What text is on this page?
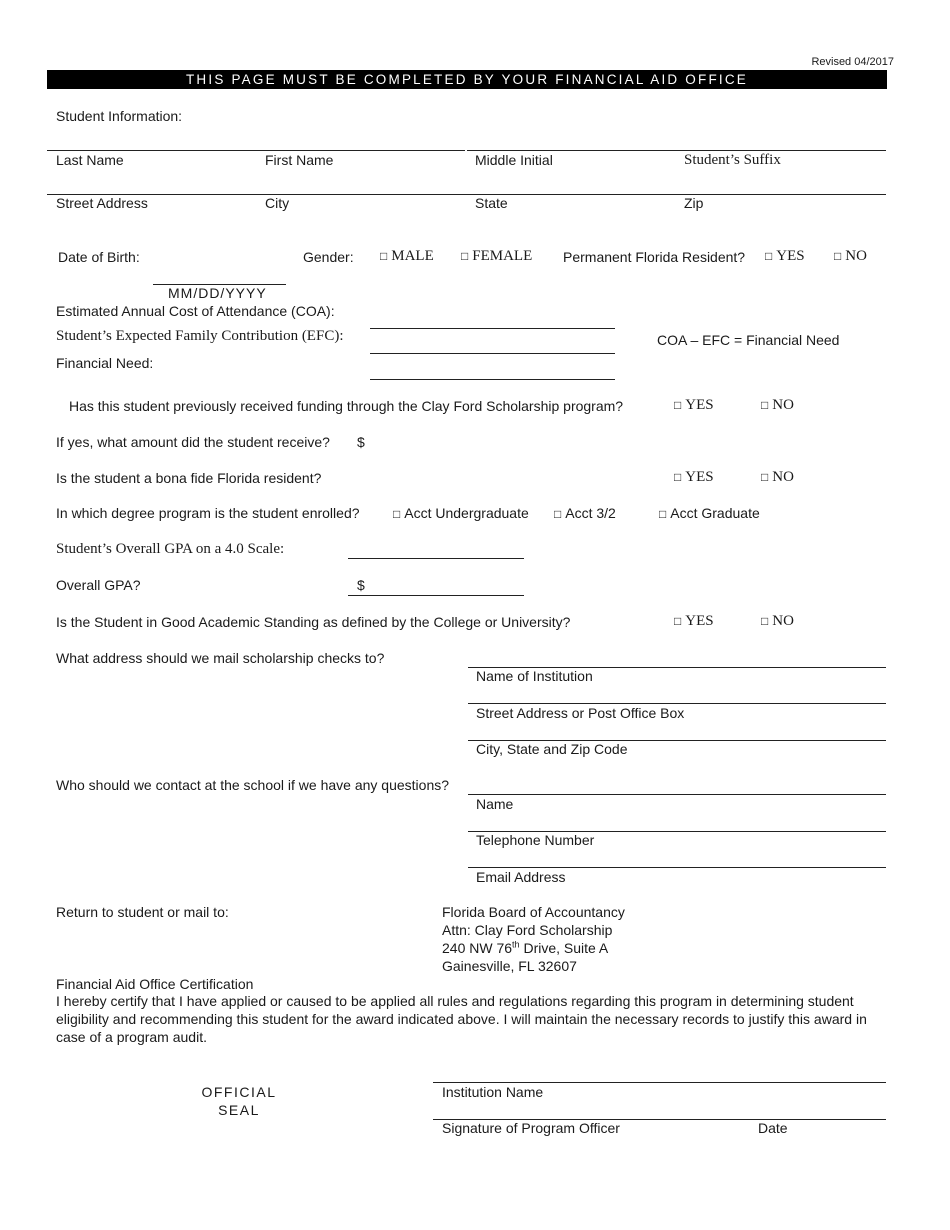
Revised 04/2017
THIS PAGE MUST BE COMPLETED BY YOUR FINANCIAL AID OFFICE
Student Information:
Last Name	First Name	Middle Initial	Student’s Suffix
Street Address	City	State	Zip
Date of Birth:
MM/DD/YYYY
Gender:	□ MALE	□ FEMALE Permanent Florida Resident?	□ YES	□ NO
Estimated Annual Cost of Attendance (COA):
Student’s Expected Family Contribution (EFC):	COA – EFC = Financial Need
Financial Need:
Has this student previously received funding through the Clay Ford Scholarship program?	□ YES	□ NO
If yes, what amount did the student receive? $
Is the student a bona fide Florida resident?	□ YES	□ NO
In which degree program is the student enrolled?	□ Acct Undergraduate	□ Acct 3/2	□ Acct Graduate
Student’s Overall GPA on a 4.0 Scale:
Overall GPA?	$
Is the Student in Good Academic Standing as defined by the College or University?	□ YES	□ NO
What address should we mail scholarship checks to?
Name of Institution
Street Address or Post Office Box
City, State and Zip Code
Who should we contact at the school if we have any questions?
Name
Telephone Number
Email Address
Return to student or mail to:	Florida Board of Accountancy
Attn: Clay Ford Scholarship
240 NW 76th Drive, Suite A
Gainesville, FL 32607
Financial Aid Office Certification
I hereby certify that I have applied or caused to be applied all rules and regulations regarding this program in determining student eligibility and recommending this student for the award indicated above. I will maintain the necessary records to justify this award in case of a program audit.
OFFICIAL
SEAL
Institution Name
Signature of Program Officer	Date
